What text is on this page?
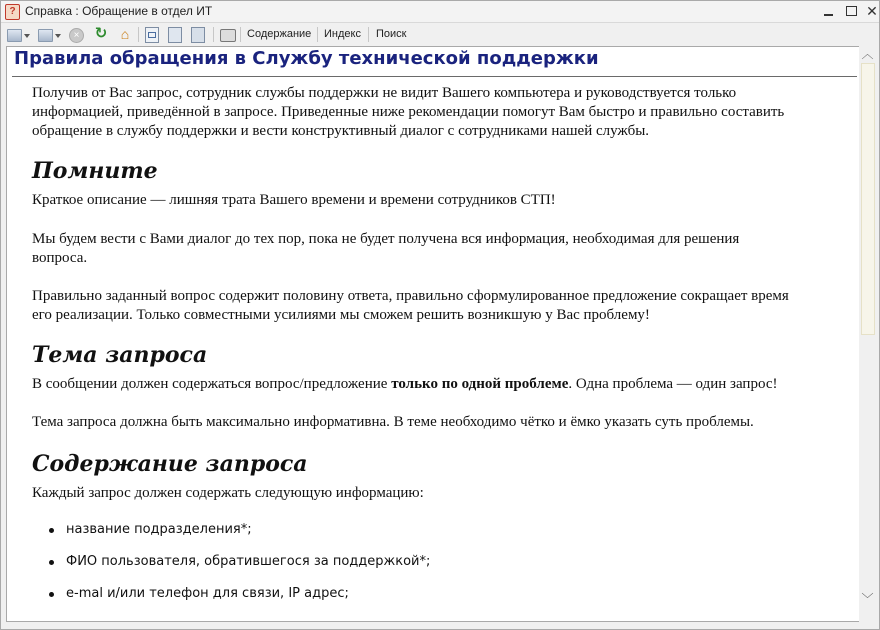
? Справка : Обращение в отдел ИТ	✕
×	↻ ⌂	Содержание Индекс Поиск
Правила обращения в Службу технической поддержки

Получив от Вас запрос, сотрудник службы поддержки не видит Вашего компьютера и руководствуется только
информацией, приведённой в запросе. Приведенные ниже рекомендации помогут Вам быстро и правильно составить
обращение в службу поддержки и вести конструктивный диалог с сотрудниками нашей службы.

Помните

Краткое описание — лишняя трата Вашего времени и времени сотрудников СТП!

Мы будем вести с Вами диалог до тех пор, пока не будет получена вся информация, необходимая для решения
вопроса.

Правильно заданный вопрос содержит половину ответа, правильно сформулированное предложение сокращает время
его реализации. Только совместными усилиями мы сможем решить возникшую у Вас проблему!

Тема запроса

В сообщении должен содержаться вопрос/предложение только по одной проблеме. Одна проблема — один запрос!

Тема запроса должна быть максимально информативна. В теме необходимо чётко и ёмко указать суть проблемы.

Содержание запроса

Каждый запрос должен содержать следующую информацию:

название подразделения*;
ФИО пользователя, обратившегося за поддержкой*;
e-mal и/или телефон для связи, IP адрес;
︿
﹀
